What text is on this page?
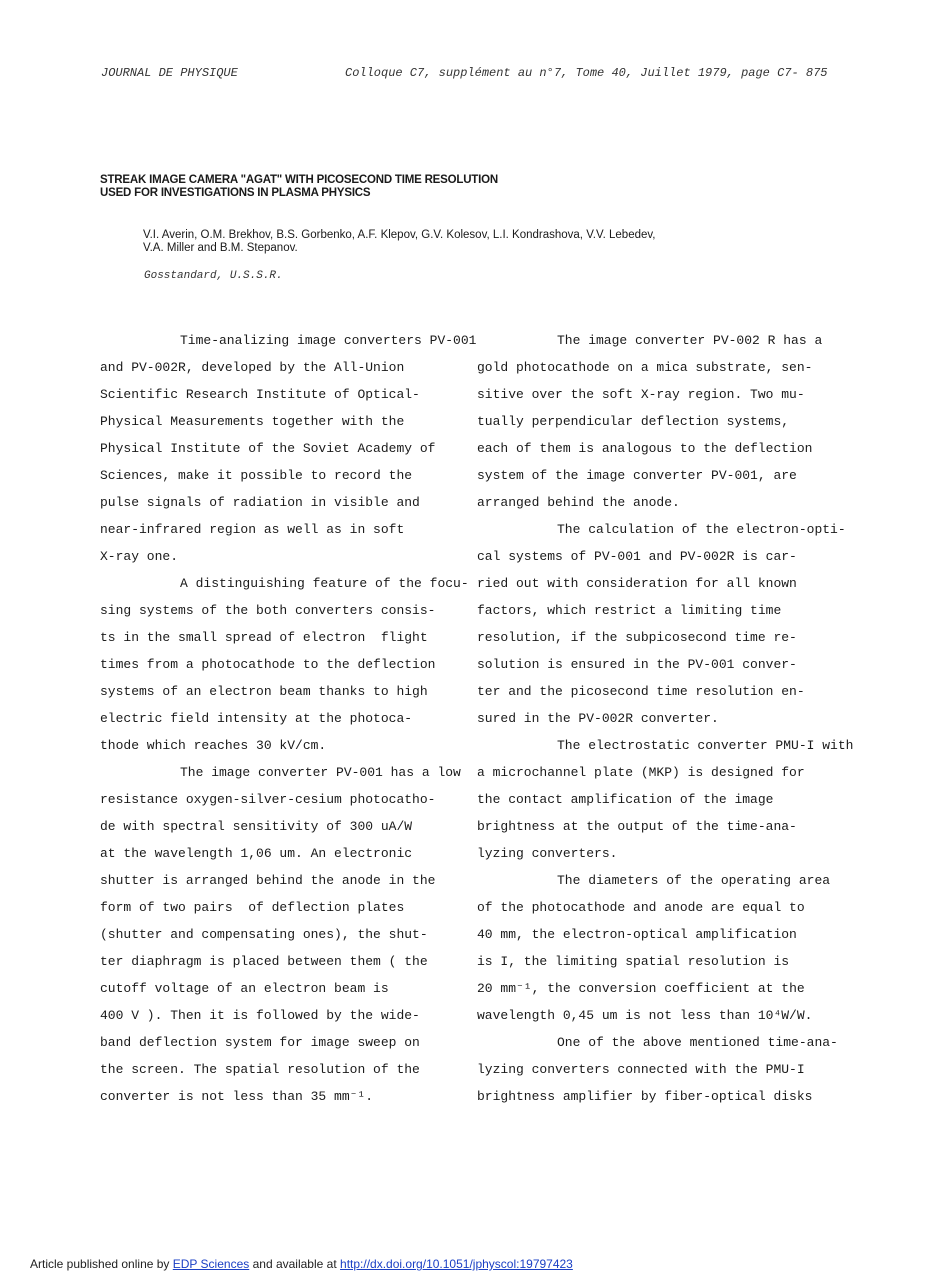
JOURNAL DE PHYSIQUE	Colloque C7, supplément au n°7, Tome 40, Juillet 1979, page C7- 875
STREAK IMAGE CAMERA "AGAT" WITH PICOSECOND TIME RESOLUTION
USED FOR INVESTIGATIONS IN PLASMA PHYSICS
V.I. Averin, O.M. Brekhov, B.S. Gorbenko, A.F. Klepov, G.V. Kolesov, L.I. Kondrashova, V.V. Lebedev,
V.A. Miller and B.M. Stepanov.
Gosstandard, U.S.S.R.

Time-analizing image converters PV-001
and PV-002R, developed by the All-Union
Scientific Research Institute of Optical-
Physical Measurements together with the
Physical Institute of the Soviet Academy of
Sciences, make it possible to record the
pulse signals of radiation in visible and
near-infrared region as well as in soft
X-ray one.

A distinguishing feature of the focu-
sing systems of the both converters consis-
ts in the small spread of electron  flight
times from a photocathode to the deflection
systems of an electron beam thanks to high
electric field intensity at the photoca-
thode which reaches 30 kV/cm.

The image converter PV-001 has a low
resistance oxygen-silver-cesium photocatho-
de with spectral sensitivity of 300 uA/W
at the wavelength 1,06 um. An electronic
shutter is arranged behind the anode in the
form of two pairs  of deflection plates
(shutter and compensating ones), the shut-
ter diaphragm is placed between them ( the
cutoff voltage of an electron beam is
400 V ). Then it is followed by the wide-
band deflection system for image sweep on
the screen. The spatial resolution of the
converter is not less than 35 mm⁻¹.

The image converter PV-002 R has a
gold photocathode on a mica substrate, sen-
sitive over the soft X-ray region. Two mu-
tually perpendicular deflection systems,
each of them is analogous to the deflection
system of the image converter PV-001, are
arranged behind the anode.

The calculation of the electron-opti-
cal systems of PV-001 and PV-002R is car-
ried out with consideration for all known
factors, which restrict a limiting time
resolution, if the subpicosecond time re-
solution is ensured in the PV-001 conver-
ter and the picosecond time resolution en-
sured in the PV-002R converter.

The electrostatic converter PMU-I with
a microchannel plate (MKP) is designed for
the contact amplification of the image
brightness at the output of the time-ana-
lyzing converters.

The diameters of the operating area
of the photocathode and anode are equal to
40 mm, the electron-optical amplification
is I, the limiting spatial resolution is
20 mm⁻¹, the conversion coefficient at the
wavelength 0,45 um is not less than 10⁴W/W.

One of the above mentioned time-ana-
lyzing converters connected with the PMU-I
brightness amplifier by fiber-optical disks

Article published online by EDP Sciences and available at http://dx.doi.org/10.1051/jphyscol:19797423
